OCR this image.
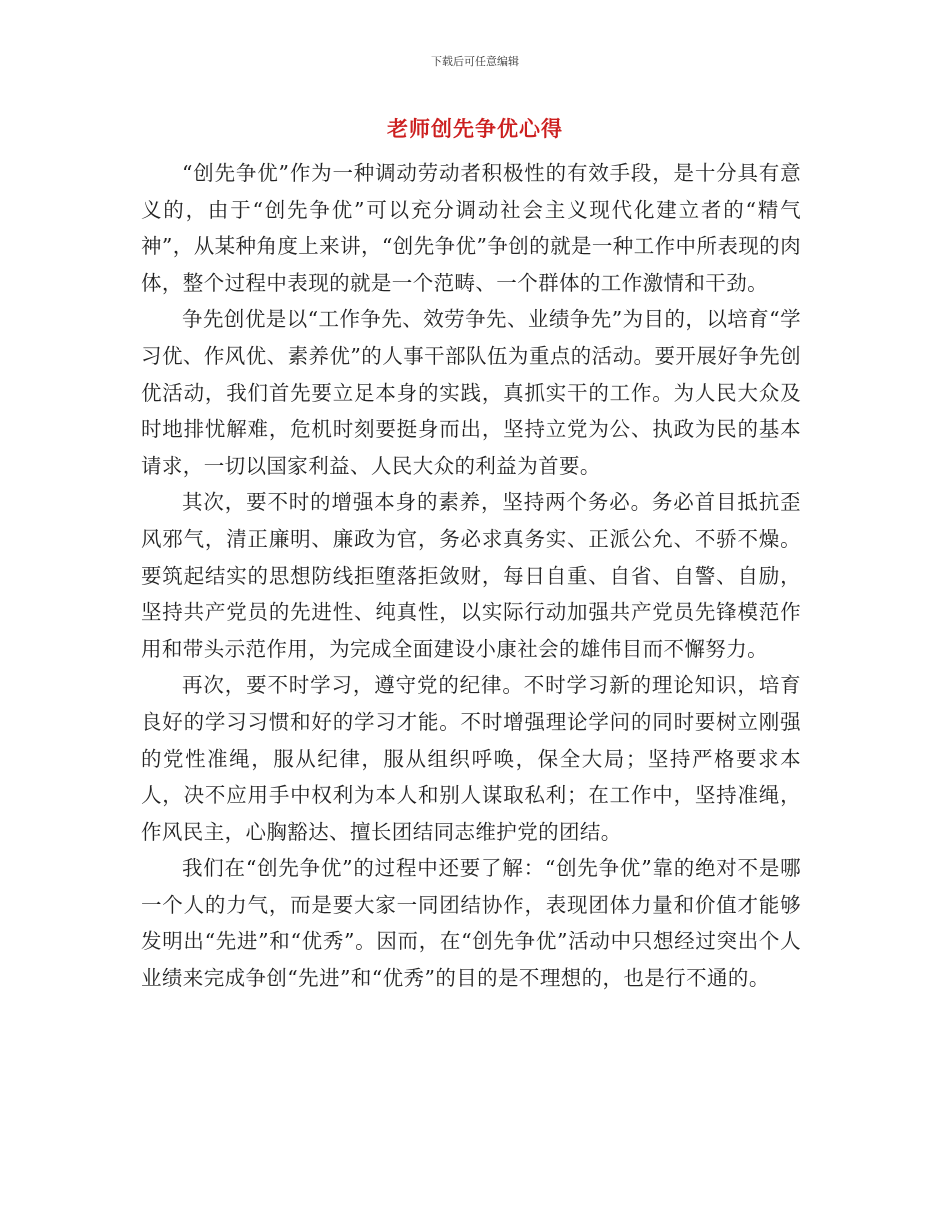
下载后可任意编辑
老师创先争优心得

“创先争优”作为一种调动劳动者积极性的有效手段，是十分具有意义的，由于“创先争优”可以充分调动社会主义现代化建立者的“精气神”，从某种角度上来讲，“创先争优”争创的就是一种工作中所表现的肉体，整个过程中表现的就是一个范畴、一个群体的工作激情和干劲。

争先创优是以“工作争先、效劳争先、业绩争先”为目的，以培育“学习优、作风优、素养优”的人事干部队伍为重点的活动。要开展好争先创优活动，我们首先要立足本身的实践，真抓实干的工作。为人民大众及时地排忧解难，危机时刻要挺身而出，坚持立党为公、执政为民的基本请求，一切以国家利益、人民大众的利益为首要。

其次，要不时的增强本身的素养，坚持两个务必。务必首目抵抗歪风邪气，清正廉明、廉政为官，务必求真务实、正派公允、不骄不燥。要筑起结实的思想防线拒堕落拒敛财，每日自重、自省、自警、自励，坚持共产党员的先进性、纯真性，以实际行动加强共产党员先锋模范作用和带头示范作用，为完成全面建设小康社会的雄伟目而不懈努力。

再次，要不时学习，遵守党的纪律。不时学习新的理论知识，培育良好的学习习惯和好的学习才能。不时增强理论学问的同时要树立刚强的党性准绳，服从纪律，服从组织呼唤，保全大局；坚持严格要求本人，决不应用手中权利为本人和别人谋取私利；在工作中，坚持准绳，作风民主，心胸豁达、擅长团结同志维护党的团结。

我们在“创先争优”的过程中还要了解：“创先争优”靠的绝对不是哪一个人的力气，而是要大家一同团结协作，表现团体力量和价值才能够发明出“先进”和“优秀”。因而，在“创先争优”活动中只想经过突出个人业绩来完成争创“先进”和“优秀”的目的是不理想的，也是行不通的。
